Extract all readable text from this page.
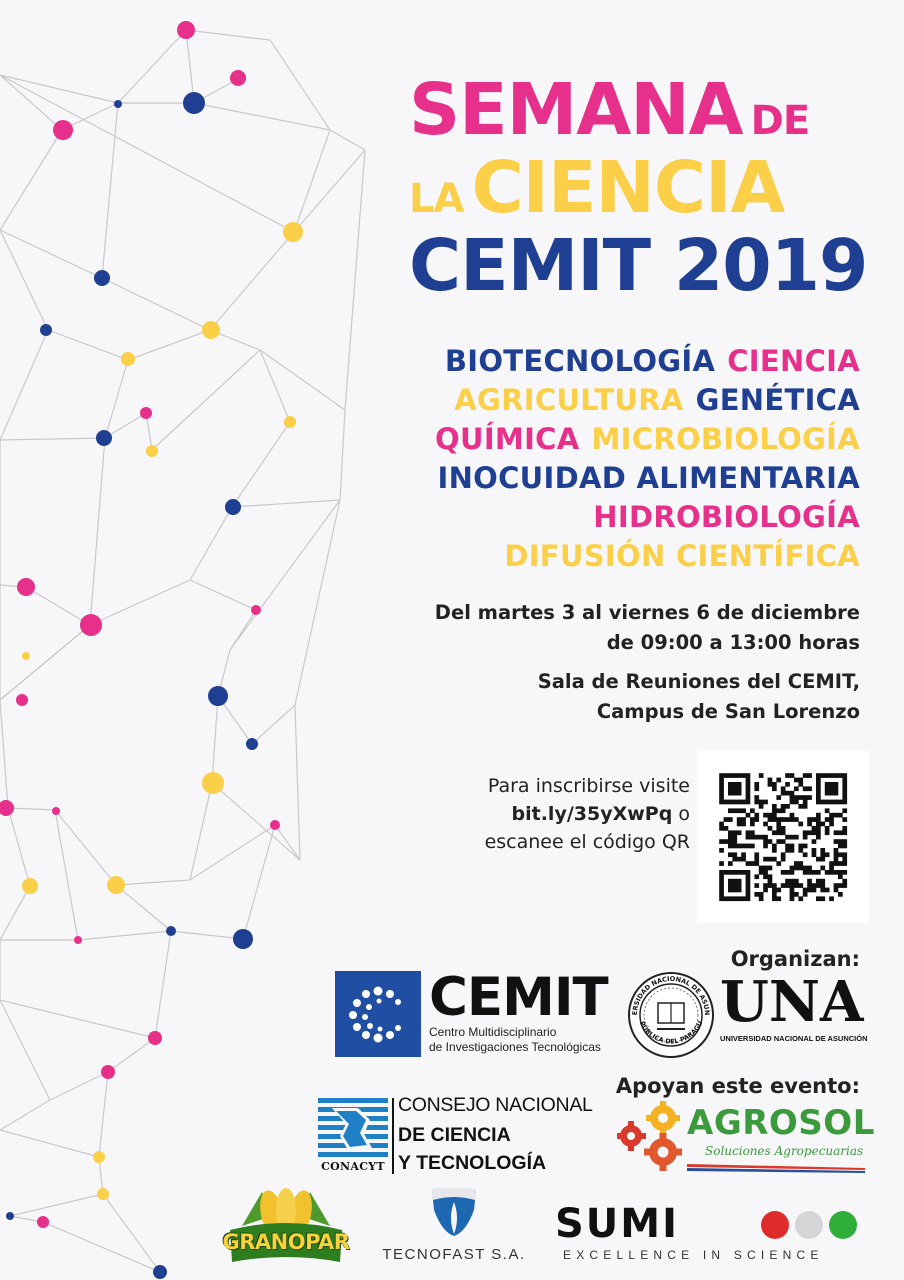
SEMANA DE
LA CIENCIA
CEMIT 2019
BIOTECNOLOGÍA CIENCIA
AGRICULTURA GENÉTICA
QUÍMICA MICROBIOLOGÍA
INOCUIDAD ALIMENTARIA
HIDROBIOLOGÍA
DIFUSIÓN CIENTÍFICA
Del martes 3 al viernes 6 de diciembre
de 09:00 a 13:00 horas
Sala de Reuniones del CEMIT,
Campus de San Lorenzo
Para inscribirse visite
bit.ly/35yXwPq o
escanee el código QR
Organizan:
CEMIT
Centro Multidisciplinario
de Investigaciones Tecnológicas
ERSIDAD NACIONAL DE ASUN
PÚBLICA DEL PARAGU UNA
UNIVERSIDAD NACIONAL DE ASUNCIÓN
Apoyan este evento:
CONACYT
CONSEJO NACIONAL
DE CIENCIA
Y TECNOLOGÍA
AGROSOL
Soluciones Agropecuarias
GRANOPAR
TECNOFAST S.A.
SUMI
EXCELLENCE IN SCIENCE
